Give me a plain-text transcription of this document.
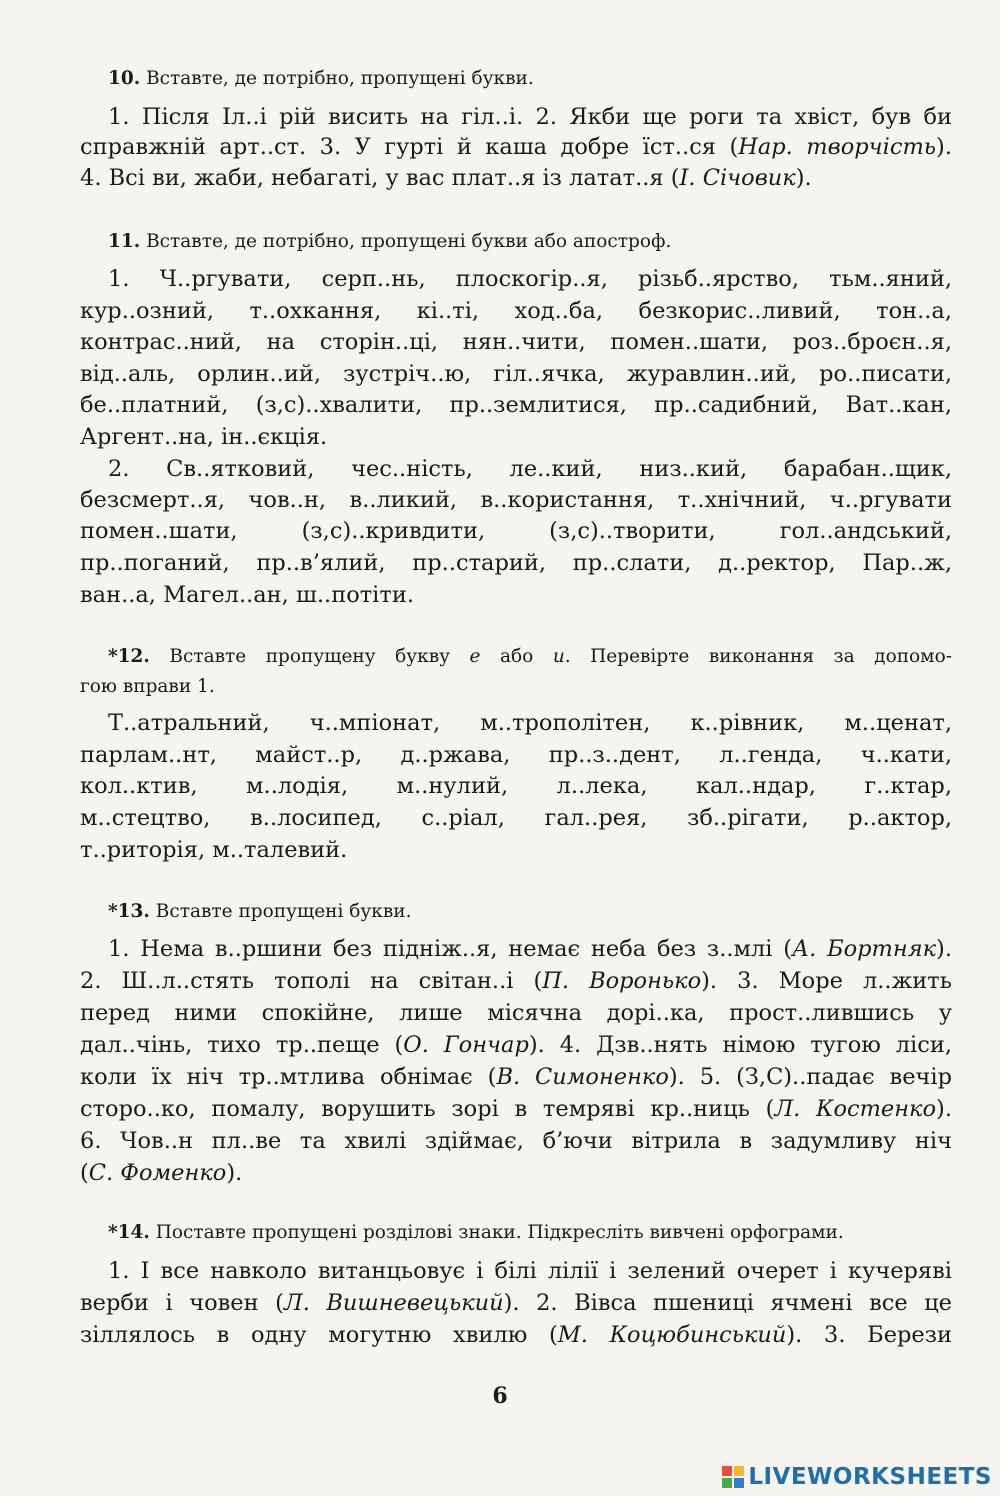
10. Вставте, де потрібно, пропущені букви.
1. Після Іл..і рій висить на гіл..і. 2. Якби ще роги та хвіст, був би
справжній арт..ст. 3. У гурті й каша добре їст..ся (Нар. творчість).
4. Всі ви, жаби, небагаті, у вас плат..я із латат..я (І. Січовик).
11. Вставте, де потрібно, пропущені букви або апостроф.
1. Ч..ргувати, серп..нь, плоскогір..я, різьб..ярство, тьм..яний,
кур..озний, т..охкання, кі..ті, ход..ба, безкорис..ливий, тон..а,
контрас..ний, на сторін..ці, нян..чити, помен..шати, роз..броєн..я,
від..аль, орлин..ий, зустріч..ю, гіл..ячка, журавлин..ий, ро..писати,
бе..платний, (з,с)..хвалити, пр..землитися, пр..садибний, Ват..кан,
Аргент..на, ін..єкція.
2. Св..ятковий, чес..ність, ле..кий, низ..кий, барабан..щик,
безсмерт..я, чов..н, в..ликий, в..користання, т..хнічний, ч..ргувати
помен..шати, (з,с)..кривдити, (з,с)..творити, гол..андський,
пр..поганий, пр..в’ялий, пр..старий, пр..слати, д..ректор, Пар..ж,
ван..а, Магел..ан, ш..потіти.
*12. Вставте пропущену букву е або и. Перевірте виконання за допомо-
гою вправи 1.
Т..атральний, ч..мпіонат, м..трополітен, к..рівник, м..ценат,
парлам..нт, майст..р, д..ржава, пр..з..дент, л..генда, ч..кати,
кол..ктив, м..лодія, м..нулий, л..лека, кал..ндар, г..ктар,
м..стецтво, в..лосипед, с..ріал, гал..рея, зб..рігати, р..актор,
т..риторія, м..талевий.
*13. Вставте пропущені букви.
1. Нема в..ршини без підніж..я, немає неба без з..млі (А. Бортняк).
2. Ш..л..стять тополі на світан..і (П. Воронько). 3. Море л..жить
перед ними спокійне, лише місячна дорі..ка, прост..лившись у
дал..чінь, тихо тр..пеще (О. Гончар). 4. Дзв..нять німою тугою ліси,
коли їх ніч тр..мтлива обнімає (В. Симоненко). 5. (З,С)..падає вечір
сторо..ко, помалу, ворушить зорі в темряві кр..ниць (Л. Костенко).
6. Чов..н пл..ве та хвилі здіймає, б’ючи вітрила в задумливу ніч
(С. Фоменко).
*14. Поставте пропущені розділові знаки. Підкресліть вивчені орфограми.
1. І все навколо витанцьовує і білі лілії і зелений очерет і кучеряві
верби і човен (Л. Вишневецький). 2. Вівса пшениці ячмені все це
зіллялось в одну могутню хвилю (М. Коцюбинський). 3. Берези
6
LIVEWORKSHEETS
